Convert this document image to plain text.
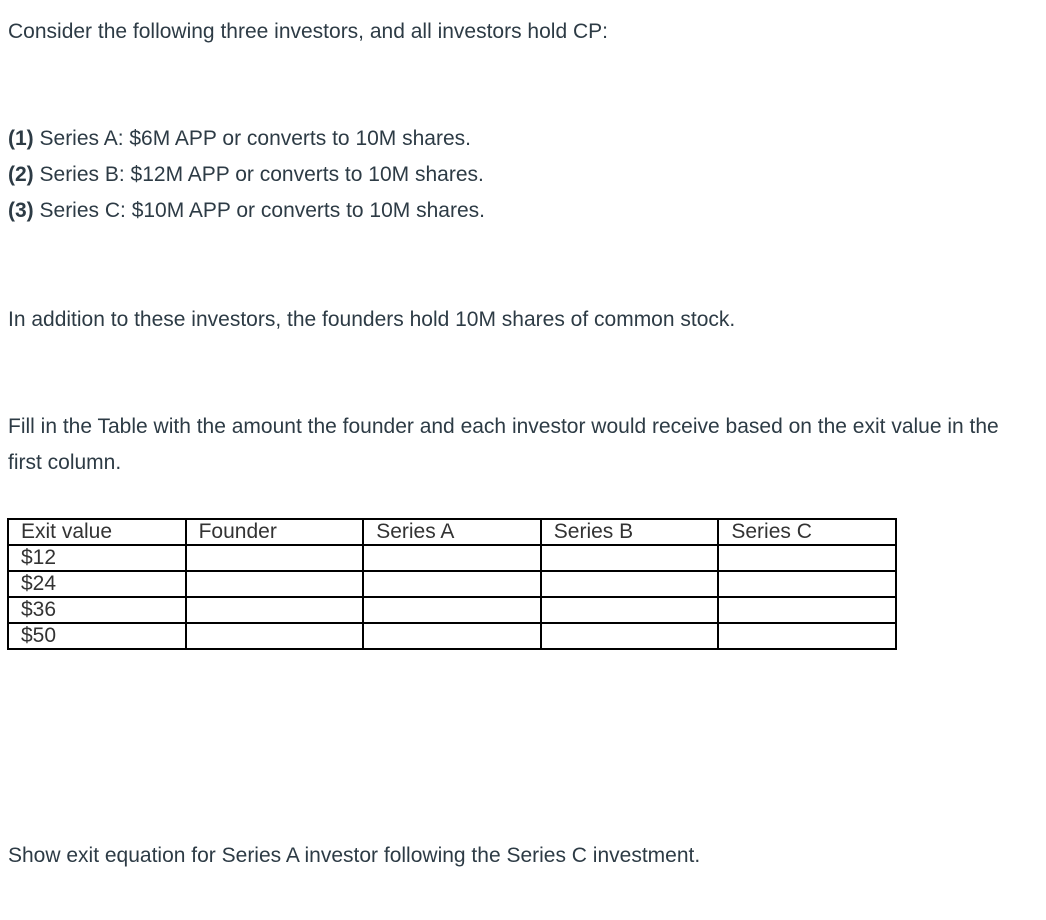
Consider the following three investors, and all investors hold CP:

(1) Series A: $6M APP or converts to 10M shares.

(2) Series B: $12M APP or converts to 10M shares.

(3) Series C: $10M APP or converts to 10M shares.

In addition to these investors, the founders hold 10M shares of common stock.

Fill in the Table with the amount the founder and each investor would receive based on the exit value in the first column.

Exit value	Founder	Series A	Series B	Series C
$12				
$24				
$36				
$50				

Show exit equation for Series A investor following the Series C investment.
